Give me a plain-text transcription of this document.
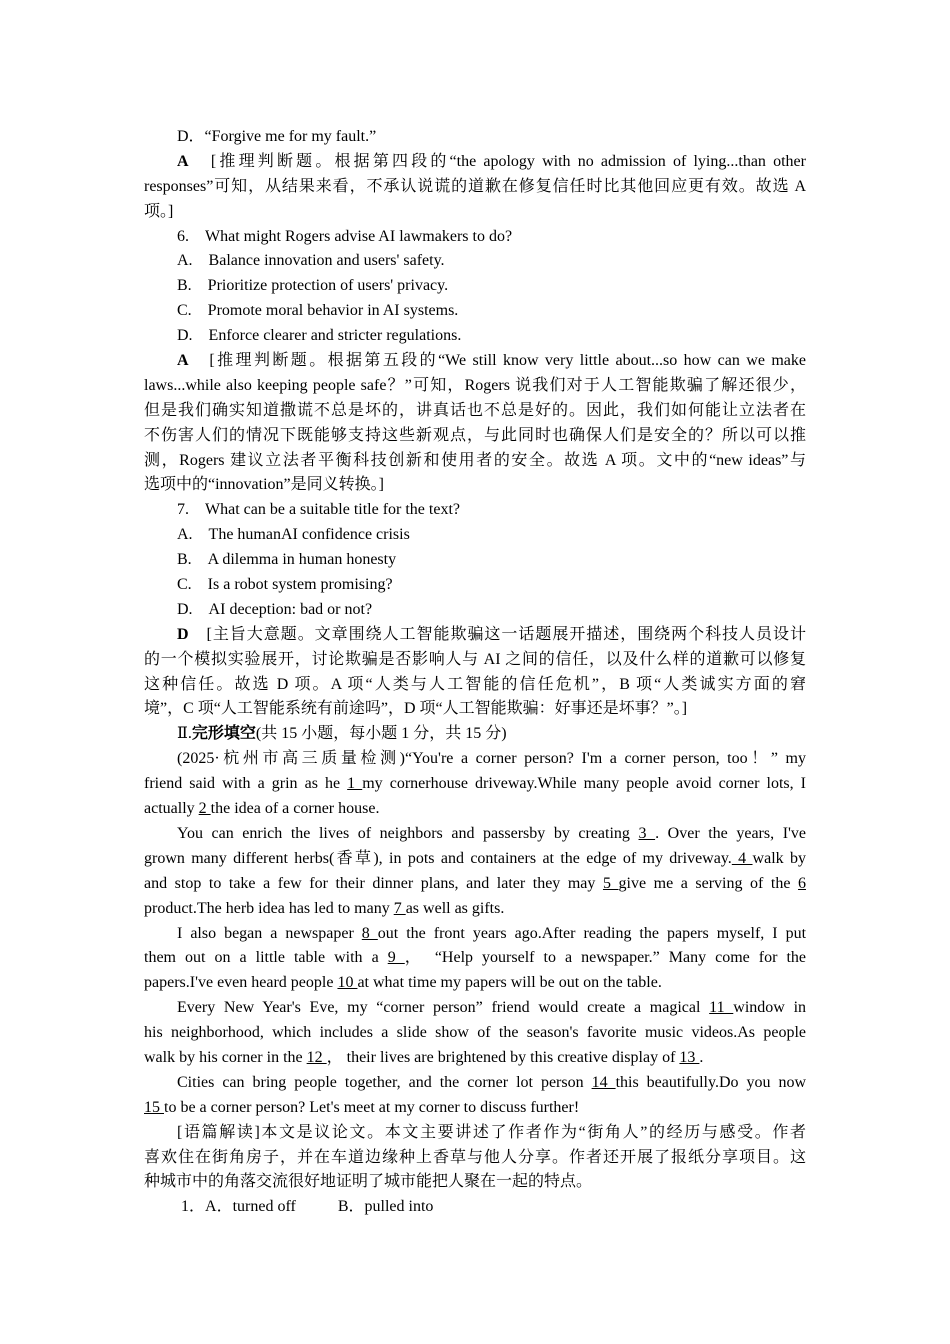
D．“Forgive me for my fault.”
A　 [推理判断题。根据第四段的“the apology with no admission of lying...than other
responses”可知，从结果来看，不承认说谎的道歉在修复信任时比其他回应更有效。故选 A
项。]
6.　What might Rogers advise AI lawmakers to do?
A.　Balance innovation and users' safety.
B.　Prioritize protection of users' privacy.
C.　Promote moral behavior in AI systems.
D.　Enforce clearer and stricter regulations.
A　 [推理判断题。根据第五段的“We still know very little about...so how can we make
laws...while also keeping people safe？”可知，Rogers 说我们对于人工智能欺骗了解还很少，
但是我们确实知道撒谎不总是坏的，讲真话也不总是好的。因此，我们如何能让立法者在
不伤害人们的情况下既能够支持这些新观点，与此同时也确保人们是安全的？所以可以推
测，Rogers 建议立法者平衡科技创新和使用者的安全。故选 A 项。文中的“new ideas”与
选项中的“innovation”是同义转换。]
7.　What can be a suitable title for the text?
A.　The humanAI confidence crisis
B.　A dilemma in human honesty
C.　Is a robot system promising?
D.　AI deception: bad or not?
D　 [主旨大意题。文章围绕人工智能欺骗这一话题展开描述，围绕两个科技人员设计
的一个模拟实验展开，讨论欺骗是否影响人与 AI 之间的信任，以及什么样的道歉可以修复
这种信任。故选 D 项。A 项“人类与人工智能的信任危机”，B 项“人类诚实方面的窘
境”，C 项“人工智能系统有前途吗”，D 项“人工智能欺骗：好事还是坏事？”。]
Ⅱ.完形填空(共 15 小题，每小题 1 分，共 15 分)
(2025·杭州市高三质量检测)“You're a corner person? I'm a corner person, too！” my
friend said with a grin as he 1 my cornerhouse driveway.While many people avoid corner lots, I
actually 2 the idea of a corner house.
You can enrich the lives of neighbors and passersby by creating 3 . Over the years, I've
grown many different herbs(香草), in pots and containers at the edge of my driveway. 4 walk by
and stop to take a few for their dinner plans, and later they may 5 give me a serving of the 6
product.The herb idea has led to many 7 as well as gifts.
I also began a newspaper 8 out the front years ago.After reading the papers myself, I put
them out on a little table with a 9 ， “Help yourself to a newspaper.” Many come for the
papers.I've even heard people 10 at what time my papers will be out on the table.
Every New Year's Eve, my “corner person” friend would create a magical 11 window in
his neighborhood, which includes a slide show of the season's favorite music videos.As people
walk by his corner in the 12 ， their lives are brightened by this creative display of 13 .
Cities can bring people together, and the corner lot person 14 this beautifully.Do you now
15 to be a corner person? Let's meet at my corner to discuss further!
[语篇解读]本文是议论文。本文主要讲述了作者作为“街角人”的经历与感受。作者
喜欢住在街角房子，并在车道边缘种上香草与他人分享。作者还开展了报纸分享项目。这
种城市中的角落交流很好地证明了城市能把人聚在一起的特点。
1．A．turned off	B．pulled into
